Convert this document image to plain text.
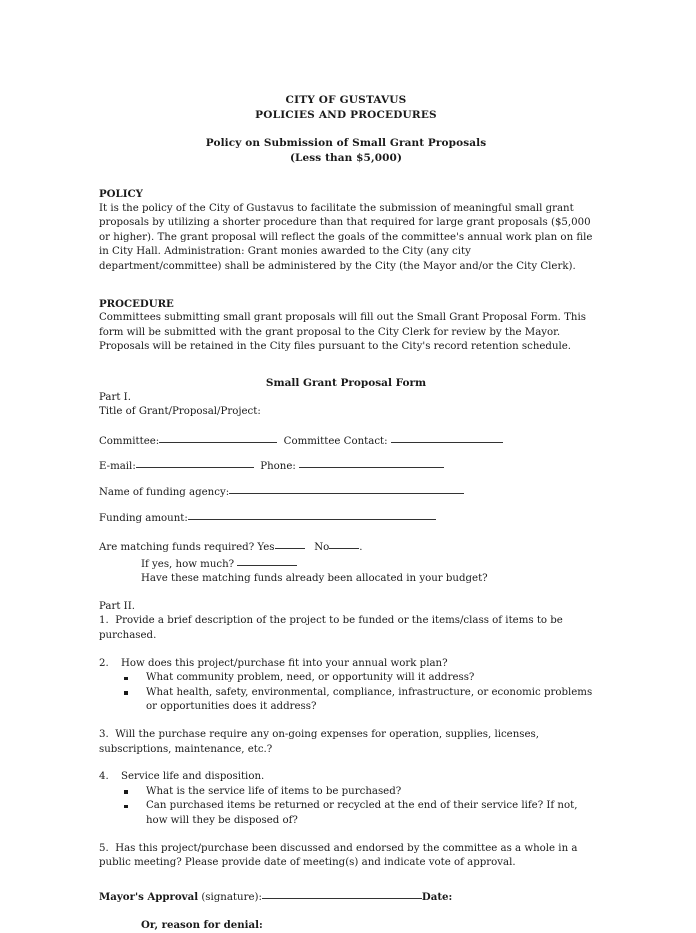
CITY OF GUSTAVUS
POLICIES AND PROCEDURES
Policy on Submission of Small Grant Proposals
(Less than $5,000)
POLICY
It is the policy of the City of Gustavus to facilitate the submission of meaningful small grant proposals by utilizing a shorter procedure than that required for large grant proposals ($5,000 or higher). The grant proposal will reflect the goals of the committee's annual work plan on file in City Hall. Administration: Grant monies awarded to the City (any city department/committee) shall be administered by the City (the Mayor and/or the City Clerk).
PROCEDURE
Committees submitting small grant proposals will fill out the Small Grant Proposal Form. This form will be submitted with the grant proposal to the City Clerk for review by the Mayor. Proposals will be retained in the City files pursuant to the City's record retention schedule.
Small Grant Proposal Form
Part I.
Title of Grant/Proposal/Project:
Committee:	Committee Contact:
E-mail:	Phone:
Name of funding agency:
Funding amount:
Are matching funds required? Yes	No	.
If yes, how much?
Have these matching funds already been allocated in your budget?
Part II.
1. Provide a brief description of the project to be funded or the items/class of items to be purchased.
2. How does this project/purchase fit into your annual work plan?
What community problem, need, or opportunity will it address?
What health, safety, environmental, compliance, infrastructure, or economic problems or opportunities does it address?
3. Will the purchase require any on-going expenses for operation, supplies, licenses, subscriptions, maintenance, etc.?
4. Service life and disposition.
What is the service life of items to be purchased?
Can purchased items be returned or recycled at the end of their service life? If not, how will they be disposed of?
5. Has this project/purchase been discussed and endorsed by the committee as a whole in a public meeting? Please provide date of meeting(s) and indicate vote of approval.
Mayor's Approval (signature):	Date:
Or, reason for denial:
